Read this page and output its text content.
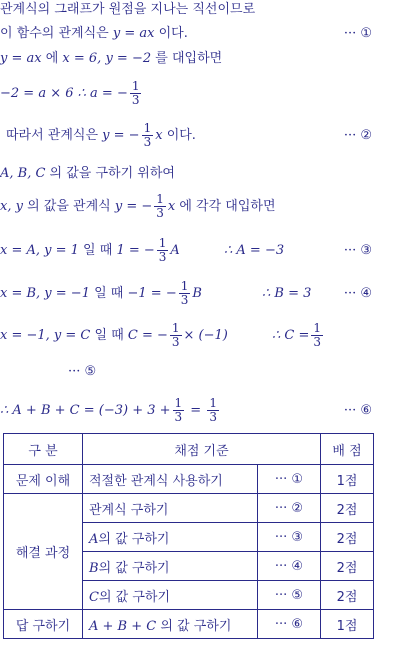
관계식의 그래프가 원점을 지나는 직선이므로
이 함수의 관계식은 y = ax 이다.	··· ①
y = ax 에 x = 6, y = −2 를 대입하면
−2 = a × 6 ∴ a = − $\frac{1}{3}$
따라서 관계식은 y = − $\frac{1}{3}$ x 이다.	··· ②
A, B, C 의 값을 구하기 위하여
x, y 의 값을 관계식 y = − $\frac{1}{3}$ x 에 각각 대입하면
x = A, y = 1 일 때 1 = − $\frac{1}{3}$ A	∴ A = −3	··· ③
x = B, y = −1 일 때 −1 = − $\frac{1}{3}$ B	∴ B = 3 ··· ④
x = −1, y = C 일 때 C = − $\frac{1}{3} \times (-1)$	∴ $C = \frac{1}{3}$
··· ⑤
∴ $A + B + C = (-3) + 3 + \frac{1}{3} = \frac{1}{3}$	··· ⑥
구 분	채점 기준		배 점
문제 이해	적절한 관계식 사용하기	··· ①	1점
해결 과정	관계식 구하기	··· ②	2점
	A의 값 구하기	··· ③	2점
	B의 값 구하기	··· ④	2점
	C의 값 구하기	··· ⑤	2점
답 구하기	A + B + C 의 값 구하기	··· ⑥	1점
